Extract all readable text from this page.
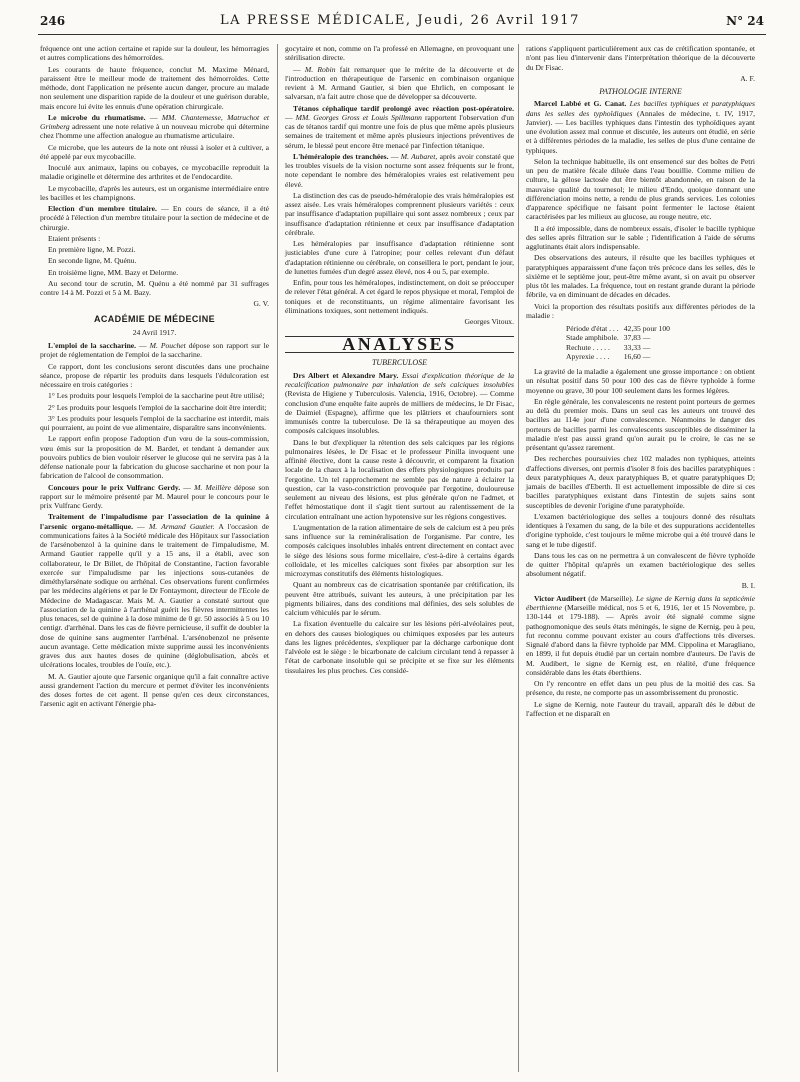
246	LA PRESSE MÉDICALE, Jeudi, 26 Avril 1917	N° 24

fréquence ont une action certaine et rapide sur la douleur, les hémorragies et autres complications des hémorroïdes.

Les courants de haute fréquence, conclut M. Maxime Ménard, paraissent être le meilleur mode de traitement des hémorroïdes. Cette méthode, dont l'application ne présente aucun danger, procure au malade non seulement une disparition rapide de la douleur et une guérison durable, mais encore lui évite les ennuis d'une opération chirurgicale.

Le microbe du rhumatisme. — MM. Chantemesse, Matruchot et Grimberg adressent une note relative à un nouveau microbe qui détermine chez l'homme une affection analogue au rhumatisme articulaire.

Ce microbe, que les auteurs de la note ont réussi à isoler et à cultiver, a été appelé par eux mycobacille.

Inoculé aux animaux, lapins ou cobayes, ce mycobacille reproduit la maladie originelle et détermine des arthrites et de l'endocardite.

Le mycobacille, d'après les auteurs, est un organisme intermédiaire entre les bacilles et les champignons.

Election d'un membre titulaire. — En cours de séance, il a été procédé à l'élection d'un membre titulaire pour la section de médecine et de chirurgie.

Etaient présents :

En première ligne, M. Pozzi.

En seconde ligne, M. Quénu.

En troisième ligne, MM. Bazy et Delorme.

Au second tour de scrutin, M. Quénu a été nommé par 31 suffrages contre 14 à M. Pozzi et 5 à M. Bazy.

G. V.
ACADÉMIE DE MÉDECINE
24 Avril 1917.

L'emploi de la saccharine. — M. Pouchet dépose son rapport sur le projet de réglementation de l'emploi de la saccharine.

Ce rapport, dont les conclusions seront discutées dans une prochaine séance, propose de répartir les produits dans lesquels l'édulcoration est nécessaire en trois catégories :

1° Les produits pour lesquels l'emploi de la saccharine peut être utilisé;

2° Les produits pour lesquels l'emploi de la saccharine doit être interdit;

3° Les produits pour lesquels l'emploi de la saccharine est interdit, mais qui pourraient, au point de vue alimentaire, disparaître sans inconvénients.

Le rapport enfin propose l'adoption d'un vœu de la sous-commission, vœu émis sur la proposition de M. Bardet, et tendant à demander aux pouvoirs publics de bien vouloir réserver le glucose qui ne servira pas à la défense nationale pour la fabrication du glucose saccharine et non pour la fabrication de l'alcool de consommation.

Concours pour le prix Vulfranc Gerdy. — M. Meillère dépose son rapport sur le mémoire présenté par M. Maurel pour le concours pour le prix Vulfranc Gerdy.

Traitement de l'impaludisme par l'association de la quinine à l'arsenic organo-métallique. — M. Armand Gautier. A l'occasion de communications faites à la Société médicale des Hôpitaux sur l'association de l'arsénobenzol à la quinine dans le traitement de l'impaludisme, M. Armand Gautier rappelle qu'il y a 15 ans, il a établi, avec son collaborateur, le Dr Billet, de l'hôpital de Constantine, l'action favorable exercée sur l'impaludisme par les injections sous-cutanées de diméthylarsénate sodique ou arrhénal. Ces observations furent confirmées par les médecins algériens et par le Dr Fontaymont, directeur de l'Ecole de Médecine de Madagascar. Mais M. A. Gautier a constaté surtout que l'association de la quinine à l'arrhénal guérit les fièvres intermittentes les plus tenaces, sel de quinine à la dose minime de 0 gr. 50 associés à 5 ou 10 centigr. d'arrhénal. Dans les cas de fièvre pernicieuse, il suffit de doubler la dose de quinine sans augmenter l'arrhénal. L'arsénobenzol ne présente aucun avantage. Cette médication mixte supprime aussi les inconvénients graves dus aux hautes doses de quinine (déglobulisation, abcès et ulcérations locales, troubles de l'ouïe, etc.).

M. A. Gautier ajoute que l'arsenic organique qu'il a fait connaître active aussi grandement l'action du mercure et permet d'éviter les inconvénients des doses fortes de cet agent. Il pense qu'en ces deux circonstances, l'arsenic agit en activant l'énergie pha-

gocytaire et non, comme on l'a professé en Allemagne, en provoquant une stérilisation directe.

— M. Robin fait remarquer que le mérite de la découverte et de l'introduction en thérapeutique de l'arsenic en combinaison organique revient à M. Armand Gautier, si bien que Ehrlich, en composant le salvarsan, n'a fait autre chose que de développer sa découverte.

Tétanos céphalique tardif prolongé avec réaction post-opératoire. — MM. Georges Gross et Louis Spillmann rapportent l'observation d'un cas de tétanos tardif qui montre une fois de plus que même après plusieurs semaines de traitement et même après plusieurs injections préventives de sérum, le blessé peut encore être menacé par l'infection tétanique.

L'héméralopie des tranchées. — M. Aubaret, après avoir constaté que les troubles visuels de la vision nocturne sont assez fréquents sur le front, note cependant le nombre des héméralopies vraies est relativement peu élevé.

La distinction des cas de pseudo-héméralopie des vrais héméralopies est assez aisée. Les vrais héméralopes comprennent plusieurs variétés : ceux par insuffisance d'adaptation pupillaire qui sont assez nombreux ; ceux par insuffisance d'adaptation rétinienne et ceux par insuffisance d'adaptation cérébrale.

Les héméralopies par insuffisance d'adaptation rétinienne sont justiciables d'une cure à l'atropine; pour celles relevant d'un défaut d'adaptation rétinienne ou cérébrale, on conseillera le port, pendant le jour, de lunettes fumées d'un degré assez élevé, nos 4 ou 5, par exemple.

Enfin, pour tous les héméralopes, indistinctement, on doit se préoccuper de relever l'état général. A cet égard le repos physique et moral, l'emploi de toniques et de reconstituants, un régime alimentaire favorisant les éliminations toxiques, sont nettement indiqués.

Georges Vitoux.
ANALYSES
TUBERCULOSE

Drs Albert et Alexandre Mary. Essai d'explication théorique de la recalcification pulmonaire par inhalation de sels calciques insolubles (Revista de Higiene y Tuberculosis. Valencia, 1916, Octobre). — Comme conclusion d'une enquête faite auprès de milliers de médecins, le Dr Fisac, de Daimiel (Espagne), affirme que les plâtriers et chaufourniers sont immunisés contre la tuberculose. De là sa thérapeutique au moyen des composés calciques insolubles.

Dans le but d'expliquer la rétention des sels calciques par les régions pulmonaires lésées, le Dr Fisac et le professeur Pinilla invoquent une affinité élective, dont la cause reste à découvrir, et comparent la fixation locale de la chaux à la localisation des effets physiologiques produits par l'ergotine. Un tel rapprochement ne semble pas de nature à éclairer la question, car la vaso-constriction provoquée par l'ergotine, douloureuse seulement au niveau des lésions, est plus générale qu'on ne l'admet, et l'effet hémostatique dont il s'agit tient surtout au ralentissement de la circulation entraînant une action hypotensive sur les régions congestives.

L'augmentation de la ration alimentaire de sels de calcium est à peu près sans influence sur la reminéralisation de l'organisme. Par contre, les composés calciques insolubles inhalés entrent directement en contact avec le siège des lésions sous forme micellaire, c'est-à-dire à certains égards colloïdale, et les micelles calciques sont fixées par absorption sur les microzymas constitutifs des éléments histologiques.

Quant au nombreux cas de cicatrisation spontanée par crétification, ils peuvent être attribués, suivant les auteurs, à une précipitation par les pigments biliaires, dans des conditions mal définies, des sels solubles de calcium véhiculés par le sérum.

La fixation éventuelle du calcaire sur les lésions péri-alvéolaires peut, en dehors des causes biologiques ou chimiques exposées par les auteurs dans les lignes précédentes, s'expliquer par la décharge carbonique dont l'alvéole est le siège : le bicarbonate de calcium circulant tend à repasser à l'état de carbonate insoluble qui se précipite et se fixe sur les éléments tissulaires les plus proches. Ces considé-

rations s'appliquent particulièrement aux cas de crétification spontanée, et n'ont pas lieu d'intervenir dans l'interprétation théorique de la découverte du Dr Fisac.

A. F.
PATHOLOGIE INTERNE

Marcel Labbé et G. Canat. Les bacilles typhiques et paratyphiques dans les selles des typhoïdiques (Annales de médecine, t. IV, 1917, Janvier). — Les bacilles typhiques dans l'intestin des typhoïdiques ayant une évolution assez mal connue et discutée, les auteurs ont étudié, en série et à différentes périodes de la maladie, les selles de plus d'une centaine de typhiques.

Selon la technique habituelle, ils ont ensemencé sur des boîtes de Petri un peu de matière fécale diluée dans l'eau bouillie. Comme milieu de culture, la gélose lactosée dut être bientôt abandonnée, en raison de la mauvaise qualité du tournesol; le milieu d'Endo, quoique donnant une différenciation moins nette, a rendu de plus grands services. Les colonies d'apparence spécifique ne faisant point fermenter le lactose étaient caractérisées par les milieux au glucose, au rouge neutre, etc.

Il a été impossible, dans de nombreux essais, d'isoler le bacille typhique des selles après filtration sur le sable ; l'identification à l'aide de sérums agglutinants était alors indispensable.

Des observations des auteurs, il résulte que les bacilles typhiques et paratyphiques apparaissent d'une façon très précoce dans les selles, dès le sixième et le septième jour, peut-être même avant, si on avait pu observer plus tôt les malades. La fréquence, tout en restant grande durant la période fébrile, va en diminuant de décades en décades.

Voici la proportion des résultats positifs aux différentes périodes de la maladie :

Période d'état . . .	42,35 pour 100
Stade amphibole.	37,83 —
Rechute . . . . .	33,33 —
Apyrexie . . . .	16,60 —

La gravité de la maladie a également une grosse importance : on obtient un résultat positif dans 50 pour 100 des cas de fièvre typhoïde à forme moyenne ou grave, 30 pour 100 seulement dans les formes légères.

En règle générale, les convalescents ne restent point porteurs de germes au delà du premier mois. Dans un seul cas les auteurs ont trouvé des bacilles au 114e jour d'une convalescence. Néanmoins le danger des porteurs de bacilles parmi les convalescents susceptibles de disséminer la maladie n'est pas aussi grand qu'on aurait pu le croire, le cas ne se présentant qu'assez rarement.

Des recherches poursuivies chez 102 malades non typhiques, atteints d'affections diverses, ont permis d'isoler 8 fois des bacilles paratyphiques : deux paratyphiques A, deux paratyphiques B, et quatre paratyphiques D; jamais de bacilles d'Eberth. Il est actuellement impossible de dire si ces bacilles paratyphiques existant dans l'intestin de sujets sains sont susceptibles de devenir l'origine d'une paratyphoïde.

L'examen bactériologique des selles a toujours donné des résultats identiques à l'examen du sang, de la bile et des suppurations accidentelles d'origine typhoïde, c'est toujours le même microbe qui a été trouvé dans le sang et le tube digestif.

Dans tous les cas on ne permettra à un convalescent de fièvre typhoïde de quitter l'hôpital qu'après un examen bactériologique des selles absolument négatif.

B. I.

Victor Audibert (de Marseille). Le signe de Kernig dans la septicémie éberthienne (Marseille médical, nos 5 et 6, 1916, 1er et 15 Novembre, p. 130-144 et 179-188). — Après avoir été signalé comme signe pathognomonique des seuls états méningés, le signe de Kernig, peu à peu, fut reconnu comme pouvant exister au cours d'affections très diverses. Signalé d'abord dans la fièvre typhoïde par MM. Cippolina et Maragliano, en 1899, il fut depuis étudié par un certain nombre d'auteurs. De l'avis de M. Audibert, le signe de Kernig est, en réalité, d'une fréquence considérable dans les états éberthiens.

On l'y rencontre en effet dans un peu plus de la moitié des cas. Sa présence, du reste, ne comporte pas un assombrissement du pronostic.

Le signe de Kernig, note l'auteur du travail, apparaît dès le début de l'affection et ne disparaît en
